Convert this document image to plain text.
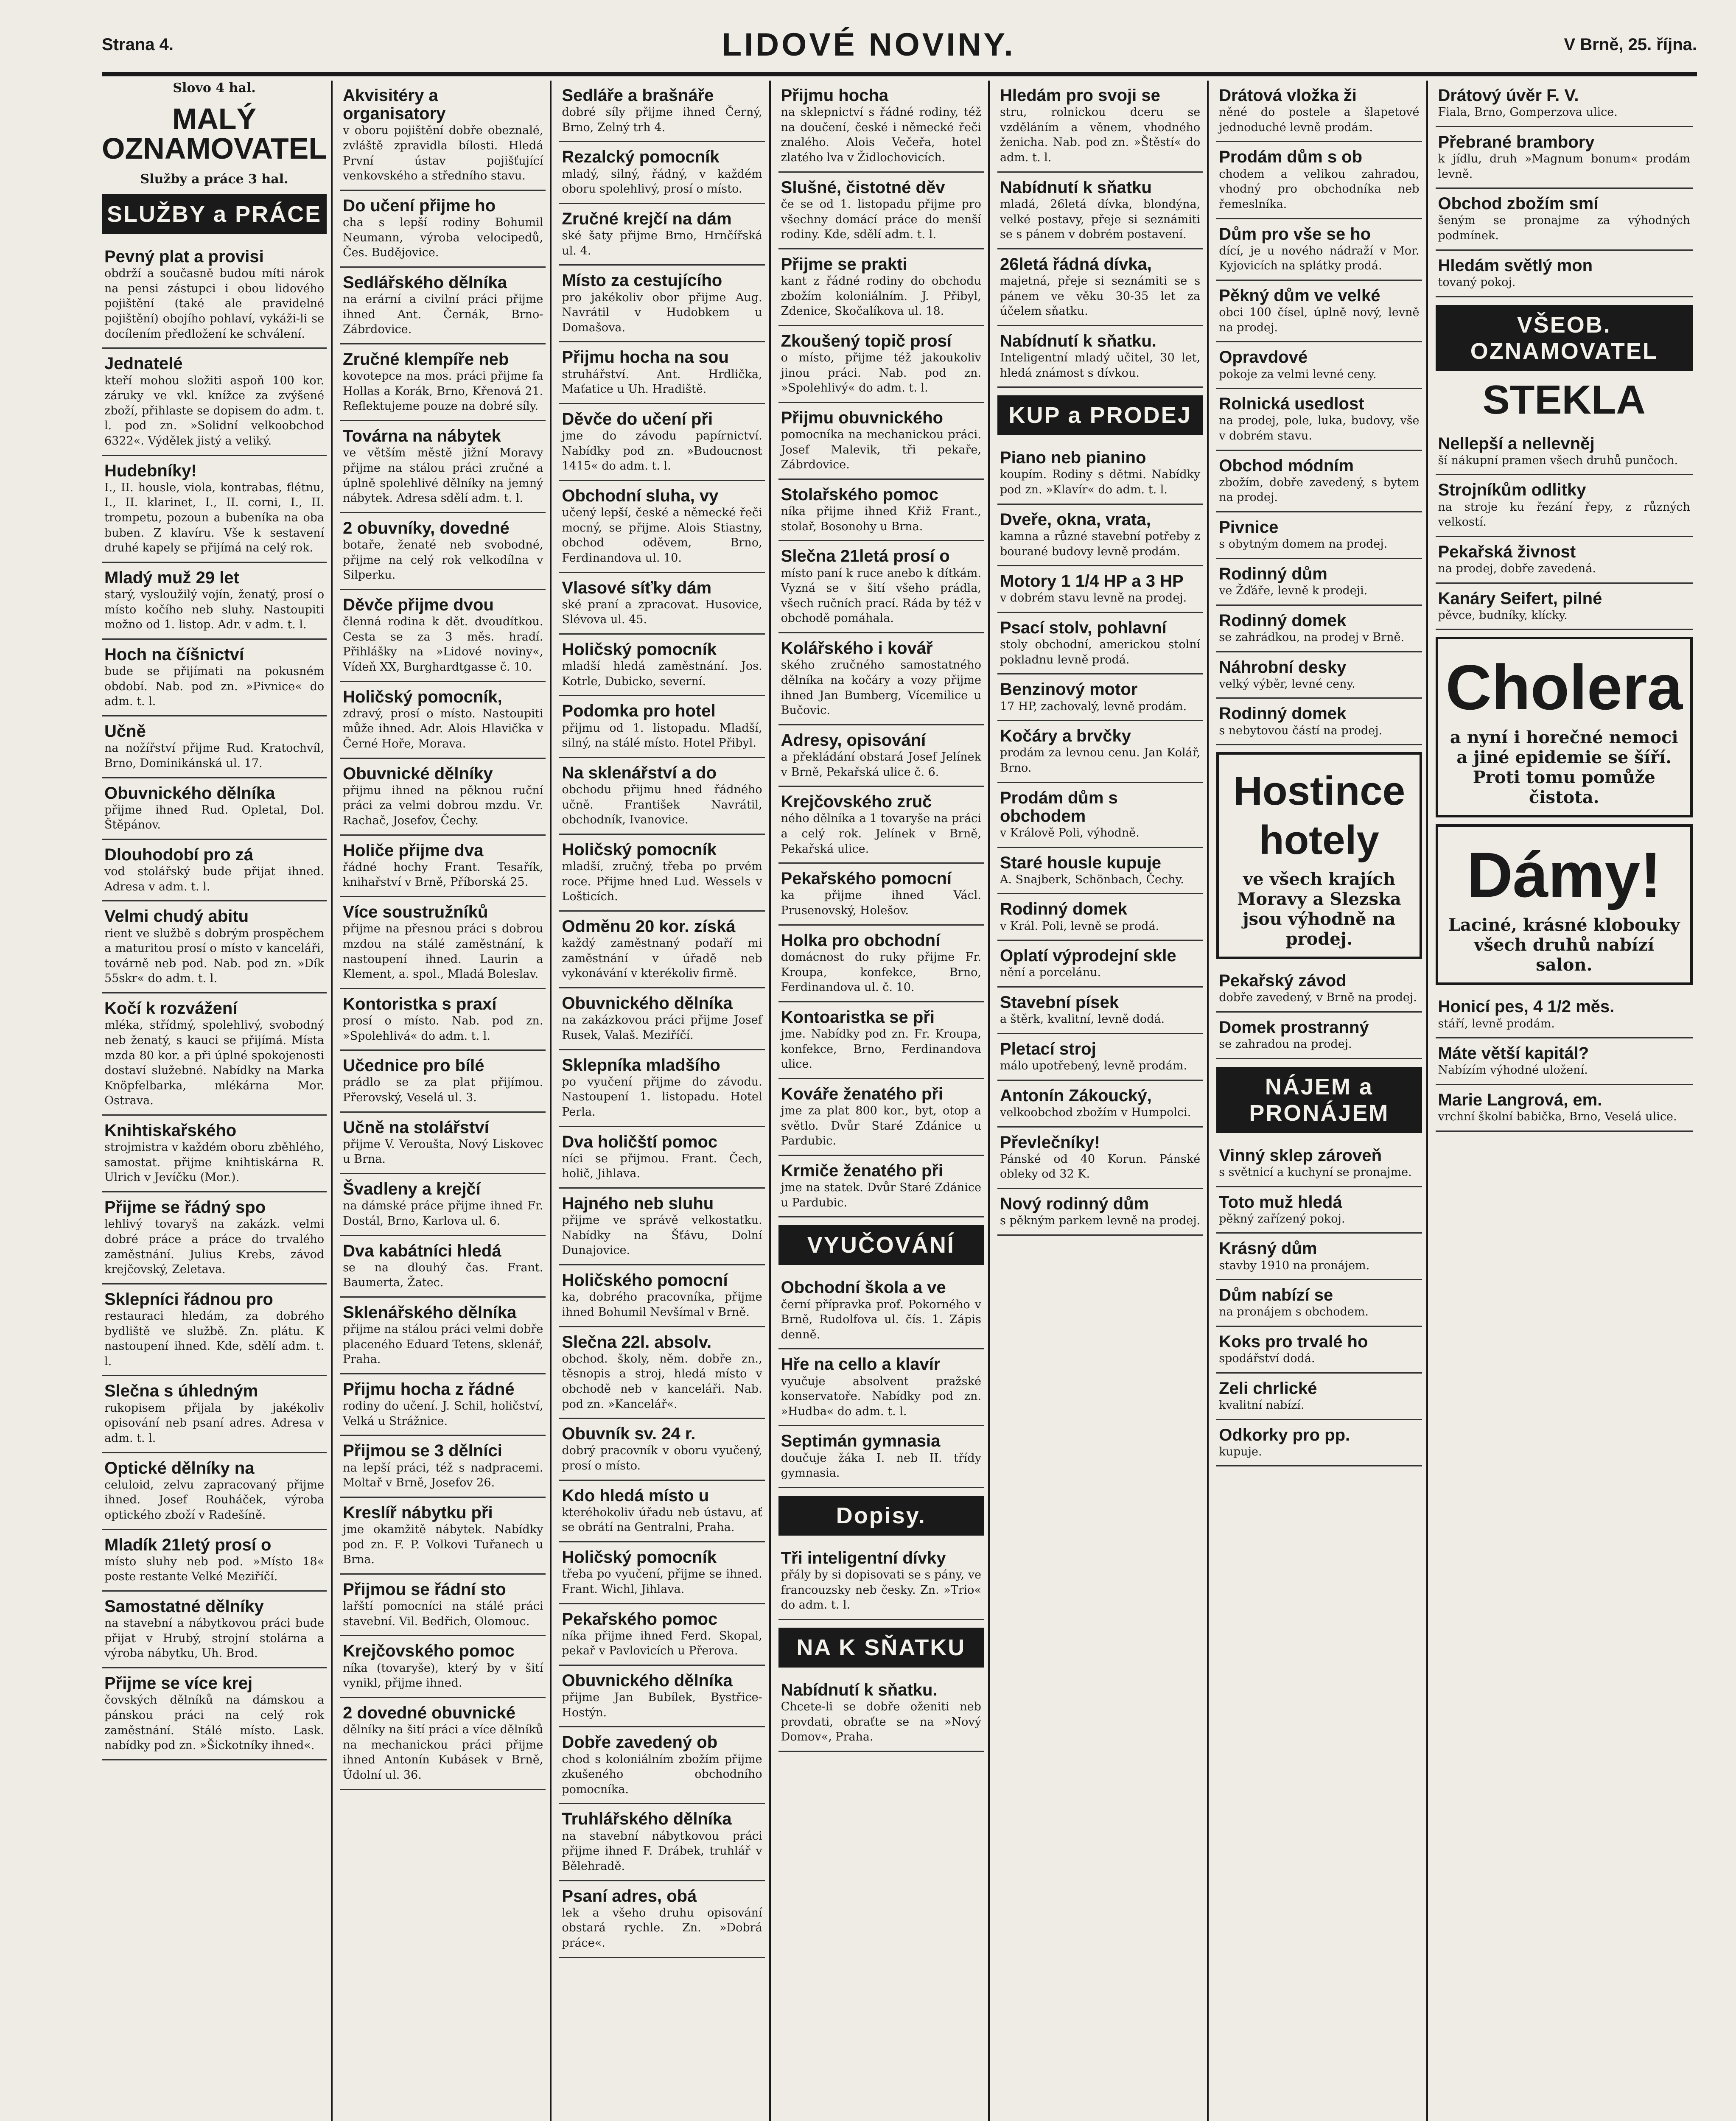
Strana 4.	LIDOVÉ NOVINY.	V Brně, 25. října.
Slovo 4 hal.
MALÝ OZNAMOVATEL
Služby a práce 3 hal.
SLUŽBY a PRÁCE
Pevný plat a provisi
obdrží a současně budou míti nárok na pensi zástupci i obou lidového pojištění (také ale pravidelné pojištění) obojího pohlaví, vykáži-li se docílením předložení ke schválení.
Jednatelé
kteří mohou složiti aspoň 100 kor. záruky ve vkl. knížce za zvýšené zboží, přihlaste se dopisem do adm. t. l. pod zn. »Solidní velkoobchod 6322«. Výdělek jistý a veliký.
Hudebníky!
I., II. housle, viola, kontrabas, flétnu, I., II. klarinet, I., II. corni, I., II. trompetu, pozoun a bubeníka na oba buben. Z klavíru. Vše k sestavení druhé kapely se přijímá na celý rok.
Mladý muž 29 let
starý, vysloužilý vojín, ženatý, prosí o místo kočího neb sluhy. Nastoupiti možno od 1. listop. Adr. v adm. t. l.
Hoch na číšnictví
bude se přijímati na pokusném období. Nab. pod zn. »Pivnice« do adm. t. l.
Učně
na nožířství přijme Rud. Kratochvíl, Brno, Dominikánská ul. 17.
Obuvnického dělníka
přijme ihned Rud. Opletal, Dol. Štěpánov.
Dlouhodobí pro zá
vod stolářský bude přijat ihned. Adresa v adm. t. l.
Velmi chudý abitu
rient ve službě s dobrým prospěchem a maturitou prosí o místo v kanceláři, továrně neb pod. Nab. pod zn. »Dík 55skr« do adm. t. l.
Kočí k rozvážení
mléka, střídmý, spolehlivý, svobodný neb ženatý, s kauci se přijímá. Místa mzda 80 kor. a při úplné spokojenosti dostaví služebné. Nabídky na Marka Knöpfelbarka, mlékárna Mor. Ostrava.
Knihtiskařského
strojmistra v každém oboru zběhlého, samostat. přijme knihtiskárna R. Ulrich v Jevíčku (Mor.).
Přijme se řádný spo
lehlivý tovaryš na zakázk. velmi dobré práce a práce do trvalého zaměstnání. Julius Krebs, závod krejčovský, Zeletava.
Sklepníci řádnou pro
restauraci hledám, za dobrého bydliště ve službě. Zn. plátu. K nastoupení ihned. Kde, sdělí adm. t. l.
Slečna s úhledným
rukopisem přijala by jakékoliv opisování neb psaní adres. Adresa v adm. t. l.
Optické dělníky na
celuloid, zelvu zapracovaný přijme ihned. Josef Rouháček, výroba optického zboží v Radešíně.
Mladík 21letý prosí o
místo sluhy neb pod. »Místo 18« poste restante Velké Meziříčí.
Samostatné dělníky
na stavební a nábytkovou práci bude přijat v Hrubý, strojní stolárna a výroba nábytku, Uh. Brod.
Přijme se více krej
čovských dělníků na dámskou a pánskou práci na celý rok zaměstnání. Stálé místo. Lask. nabídky pod zn. »Šickotníky ihned«.
Akvisitéry a organisatory
v oboru pojištění dobře obeznalé, zvláště zpravidla bílosti. Hledá První ústav pojišťující venkovského a středního stavu.
Do učení přijme ho
cha s lepší rodiny Bohumil Neumann, výroba velocipedů, Čes. Budějovice.
Sedlářského dělníka
na erární a civilní práci přijme ihned Ant. Černák, Brno-Zábrdovice.
Zručné klempíře neb
kovotepce na mos. práci přijme fa Hollas a Korák, Brno, Křenová 21. Reflektujeme pouze na dobré síly.
Továrna na nábytek
ve větším městě jižní Moravy přijme na stálou práci zručné a úplně spolehlivé dělníky na jemný nábytek. Adresa sdělí adm. t. l.
2 obuvníky, dovedné
botaře, ženaté neb svobodné, přijme na celý rok velkodílna v Silperku.
Děvče přijme dvou
členná rodina k dět. dvoudítkou. Cesta se za 3 měs. hradí. Přihlášky na »Lidové noviny«, Vídeň XX, Burghardtgasse č. 10.
Holičský pomocník,
zdravý, prosí o místo. Nastoupiti může ihned. Adr. Alois Hlavička v Černé Hoře, Morava.
Obuvnické dělníky
přijmu ihned na pěknou ruční práci za velmi dobrou mzdu. Vr. Rachač, Josefov, Čechy.
Holiče přijme dva
řádné hochy Frant. Tesařík, knihařství v Brně, Příborská 25.
Více soustružníků
přijme na přesnou práci s dobrou mzdou na stálé zaměstnání, k nastoupení ihned. Laurin a Klement, a. spol., Mladá Boleslav.
Kontoristka s praxí
prosí o místo. Nab. pod zn. »Spolehlivá« do adm. t. l.
Učednice pro bílé
prádlo se za plat přijímou. Přerovský, Veselá ul. 3.
Učně na stolářství
přijme V. Veroušta, Nový Liskovec u Brna.
Švadleny a krejčí
na dámské práce přijme ihned Fr. Dostál, Brno, Karlova ul. 6.
Dva kabátníci hledá
se na dlouhý čas. Frant. Baumerta, Žatec.
Sklenářského dělníka
přijme na stálou práci velmi dobře placeného Eduard Tetens, sklenář, Praha.
Přijmu hocha z řádné
rodiny do učení. J. Schil, holičství, Velká u Strážnice.
Přijmou se 3 dělníci
na lepší práci, též s nadpracemi. Moltař v Brně, Josefov 26.
Kreslíř nábytku při
jme okamžitě nábytek. Nabídky pod zn. F. P. Volkovi Tuřanech u Brna.
Přijmou se řádní sto
lařští pomocníci na stálé práci stavební. Vil. Bedřich, Olomouc.
Krejčovského pomoc
níka (tovaryše), který by v šití vynikl, přijme ihned.
2 dovedné obuvnické
dělníky na šití práci a více dělníků na mechanickou práci přijme ihned Antonín Kubásek v Brně, Údolní ul. 36.
Sedláře a brašnáře
dobré síly přijme ihned Černý, Brno, Zelný trh 4.
Rezalcký pomocník
mladý, silný, řádný, v každém oboru spolehlivý, prosí o místo.
Zručné krejčí na dám
ské šaty přijme Brno, Hrnčířská ul. 4.
Místo za cestujícího
pro jakékoliv obor přijme Aug. Navrátil v Hudobkem u Domašova.
Přijmu hocha na sou
struhářství. Ant. Hrdlička, Maťatice u Uh. Hradiště.
Děvče do učení při
jme do závodu papírnictví. Nabídky pod zn. »Budoucnost 1415« do adm. t. l.
Obchodní sluha, vy
učený lepší, české a německé řeči mocný, se přijme. Alois Stiastny, obchod oděvem, Brno, Ferdinandova ul. 10.
Vlasové síťky dám
ské praní a zpracovat. Husovice, Slévova ul. 45.
Holičský pomocník
mladší hledá zaměstnání. Jos. Kotrle, Dubicko, severní.
Podomka pro hotel
přijmu od 1. listopadu. Mladší, silný, na stálé místo. Hotel Přibyl.
Na sklenářství a do
obchodu přijmu hned řádného učně. František Navrátil, obchodník, Ivanovice.
Holičský pomocník
mladší, zručný, třeba po prvém roce. Přijme hned Lud. Wessels v Lošticích.
Odměnu 20 kor. získá
každý zaměstnaný podaří mi zaměstnání v úřadě neb vykonávání v kterékoliv firmě.
Obuvnického dělníka
na zakázkovou práci přijme Josef Rusek, Valaš. Meziříčí.
Sklepníka mladšího
po vyučení přijme do závodu. Nastoupení 1. listopadu. Hotel Perla.
Dva holičští pomoc
níci se přijmou. Frant. Čech, holič, Jihlava.
Hajného neb sluhu
přijme ve správě velkostatku. Nabídky na Šťávu, Dolní Dunajovice.
Holičského pomocní
ka, dobrého pracovníka, přijme ihned Bohumil Nevšímal v Brně.
Slečna 22l. absolv.
obchod. školy, něm. dobře zn., těsnopis a stroj, hledá místo v obchodě neb v kanceláři. Nab. pod zn. »Kancelář«.
Obuvník sv. 24 r.
dobrý pracovník v oboru vyučený, prosí o místo.
Kdo hledá místo u
kteréhokoliv úřadu neb ústavu, ať se obrátí na Gentralni, Praha.
Holičský pomocník
třeba po vyučení, přijme se ihned. Frant. Wichl, Jihlava.
Pekařského pomoc
níka přijme ihned Ferd. Skopal, pekař v Pavlovicích u Přerova.
Obuvnického dělníka
přijme Jan Bubílek, Bystřice-Hostýn.
Dobře zavedený ob
chod s koloniálním zbožím přijme zkušeného obchodního pomocníka.
Truhlářského dělníka
na stavební nábytkovou práci přijme ihned F. Drábek, truhlář v Bělehradě.
Psaní adres, obá
lek a všeho druhu opisování obstará rychle. Zn. »Dobrá práce«.
Přijmu hocha
na sklepnictví s řádné rodiny, též na doučení, české i německé řeči znalého. Alois Večeřa, hotel zlatého lva v Židlochovicích.
Slušné, čistotné děv
če se od 1. listopadu přijme pro všechny domácí práce do menší rodiny. Kde, sdělí adm. t. l.
Přijme se prakti
kant z řádné rodiny do obchodu zbožím koloniálním. J. Přibyl, Zdenice, Skočalíkova ul. 18.
Zkoušený topič prosí
o místo, přijme též jakoukoliv jinou práci. Nab. pod zn. »Spolehlivý« do adm. t. l.
Přijmu obuvnického
pomocníka na mechanickou práci. Josef Malevik, tři pekaře, Zábrdovice.
Stolařského pomoc
níka přijme ihned Křiž Frant., stolař, Bosonohy u Brna.
Slečna 21letá prosí o
místo paní k ruce anebo k dítkám. Vyzná se v šití všeho prádla, všech ručních prací. Ráda by též v obchodě pomáhala.
Kolářského i kovář
ského zručného samostatného dělníka na kočáry a vozy přijme ihned Jan Bumberg, Vícemilice u Bučovic.
Adresy, opisování
a překládání obstará Josef Jelínek v Brně, Pekařská ulice č. 6.
Krejčovského zruč
ného dělníka a 1 tovaryše na práci a celý rok. Jelínek v Brně, Pekařská ulice.
Pekařského pomocní
ka přijme ihned Václ. Prusenovský, Holešov.
Holka pro obchodní
domácnost do ruky přijme Fr. Kroupa, konfekce, Brno, Ferdinandova ul. č. 10.
Kontoaristka se při
jme. Nabídky pod zn. Fr. Kroupa, konfekce, Brno, Ferdinandova ulice.
Kováře ženatého při
jme za plat 800 kor., byt, otop a světlo. Dvůr Staré Zdánice u Pardubic.
Krmiče ženatého při
jme na statek. Dvůr Staré Zdánice u Pardubic.
VYUČOVÁNÍ
Obchodní škola a ve
černí přípravka prof. Pokorného v Brně, Rudolfova ul. čís. 1. Zápis denně.
Hře na cello a klavír
vyučuje absolvent pražské konservatoře. Nabídky pod zn. »Hudba« do adm. t. l.
Septimán gymnasia
doučuje žáka I. neb II. třídy gymnasia.
Dopisy.
Tři inteligentní dívky
přály by si dopisovati se s pány, ve francouzsky neb česky. Zn. »Trio« do adm. t. l.
NA K SŇATKU
Nabídnutí k sňatku.
Chcete-li se dobře oženiti neb provdati, obraťte se na »Nový Domov«, Praha.
Hledám pro svoji se
stru, rolnickou dceru se vzděláním a věnem, vhodného ženicha. Nab. pod zn. »Štěstí« do adm. t. l.
Nabídnutí k sňatku
mladá, 26letá dívka, blondýna, velké postavy, přeje si seznámiti se s pánem v dobrém postavení.
26letá řádná dívka,
majetná, přeje si seznámiti se s pánem ve věku 30-35 let za účelem sňatku.
Nabídnutí k sňatku.
Inteligentní mladý učitel, 30 let, hledá známost s dívkou.
KUP a PRODEJ
Piano neb pianino
koupím. Rodiny s dětmi. Nabídky pod zn. »Klavír« do adm. t. l.
Dveře, okna, vrata,
kamna a různé stavební potřeby z bourané budovy levně prodám.
Motory 1 1/4 HP a 3 HP
v dobrém stavu levně na prodej.
Psací stolv, pohlavní
stoly obchodní, americkou stolní pokladnu levně prodá.
Benzinový motor
17 HP, zachovalý, levně prodám.
Kočáry a brvčky
prodám za levnou cenu. Jan Kolář, Brno.
Prodám dům s obchodem
v Králově Poli, výhodně.
Staré housle kupuje
A. Snajberk, Schönbach, Čechy.
Rodinný domek
v Král. Poli, levně se prodá.
Oplatí výprodejní skle
nění a porcelánu.
Stavební písek
a štěrk, kvalitní, levně dodá.
Pletací stroj
málo upotřebený, levně prodám.
Antonín Zákoucký,
velkoobchod zbožím v Humpolci.
Převlečníky!
Pánské od 40 Korun. Pánské obleky od 32 K.
Nový rodinný dům
s pěkným parkem levně na prodej.
Drátová vložka ži
něné do postele a šlapetové jednoduché levně prodám.
Prodám dům s ob
chodem a velikou zahradou, vhodný pro obchodníka neb řemeslníka.
Dům pro vše se ho
dící, je u nového nádraží v Mor. Kyjovicích na splátky prodá.
Pěkný dům ve velké
obci 100 čísel, úplně nový, levně na prodej.
Opravdové
pokoje za velmi levné ceny.
Rolnická usedlost
na prodej, pole, luka, budovy, vše v dobrém stavu.
Obchod módním
zbožím, dobře zavedený, s bytem na prodej.
Pivnice
s obytným domem na prodej.
Rodinný dům
ve Žďáře, levně k prodeji.
Rodinný domek
se zahrádkou, na prodej v Brně.
Náhrobní desky
velký výběr, levné ceny.
Rodinný domek
s nebytovou částí na prodej.
Hostince
hotely
ve všech krajích Moravy a Slezska jsou výhodně na prodej.
Pekařský závod
dobře zavedený, v Brně na prodej.
Domek prostranný
se zahradou na prodej.
NÁJEM a PRONÁJEM
Vinný sklep zároveň
s světnicí a kuchyní se pronajme.
Toto muž hledá
pěkný zařízený pokoj.
Krásný dům
stavby 1910 na pronájem.
Dům nabízí se
na pronájem s obchodem.
Koks pro trvalé ho
spodářství dodá.
Zeli chrlické
kvalitní nabízí.
Odkorky pro pp.
kupuje.
Drátový úvěr F. V.
Fiala, Brno, Gomperzova ulice.
Přebrané brambory
k jídlu, druh »Magnum bonum« prodám levně.
Obchod zbožím smí
šeným se pronajme za výhodných podmínek.
Hledám světlý mon
tovaný pokoj.
VŠEOB. OZNAMOVATEL
STEKLA
Nellepší a nellevněj
ší nákupní pramen všech druhů punčoch.
Strojníkům odlitky
na stroje ku řezání řepy, z různých velkostí.
Pekařská živnost
na prodej, dobře zavedená.
Kanáry Seifert, pilné
pěvce, budníky, klícky.
Cholera
a nyní i horečné nemoci a jiné epidemie se šíří. Proti tomu pomůže čistota.
Dámy!
Laciné, krásné klobouky všech druhů nabízí salon.
Honicí pes, 4 1/2 měs.
stáří, levně prodám.
Máte větší kapitál?
Nabízím výhodné uložení.
Marie Langrová, em.
vrchní školní babička, Brno, Veselá ulice.
